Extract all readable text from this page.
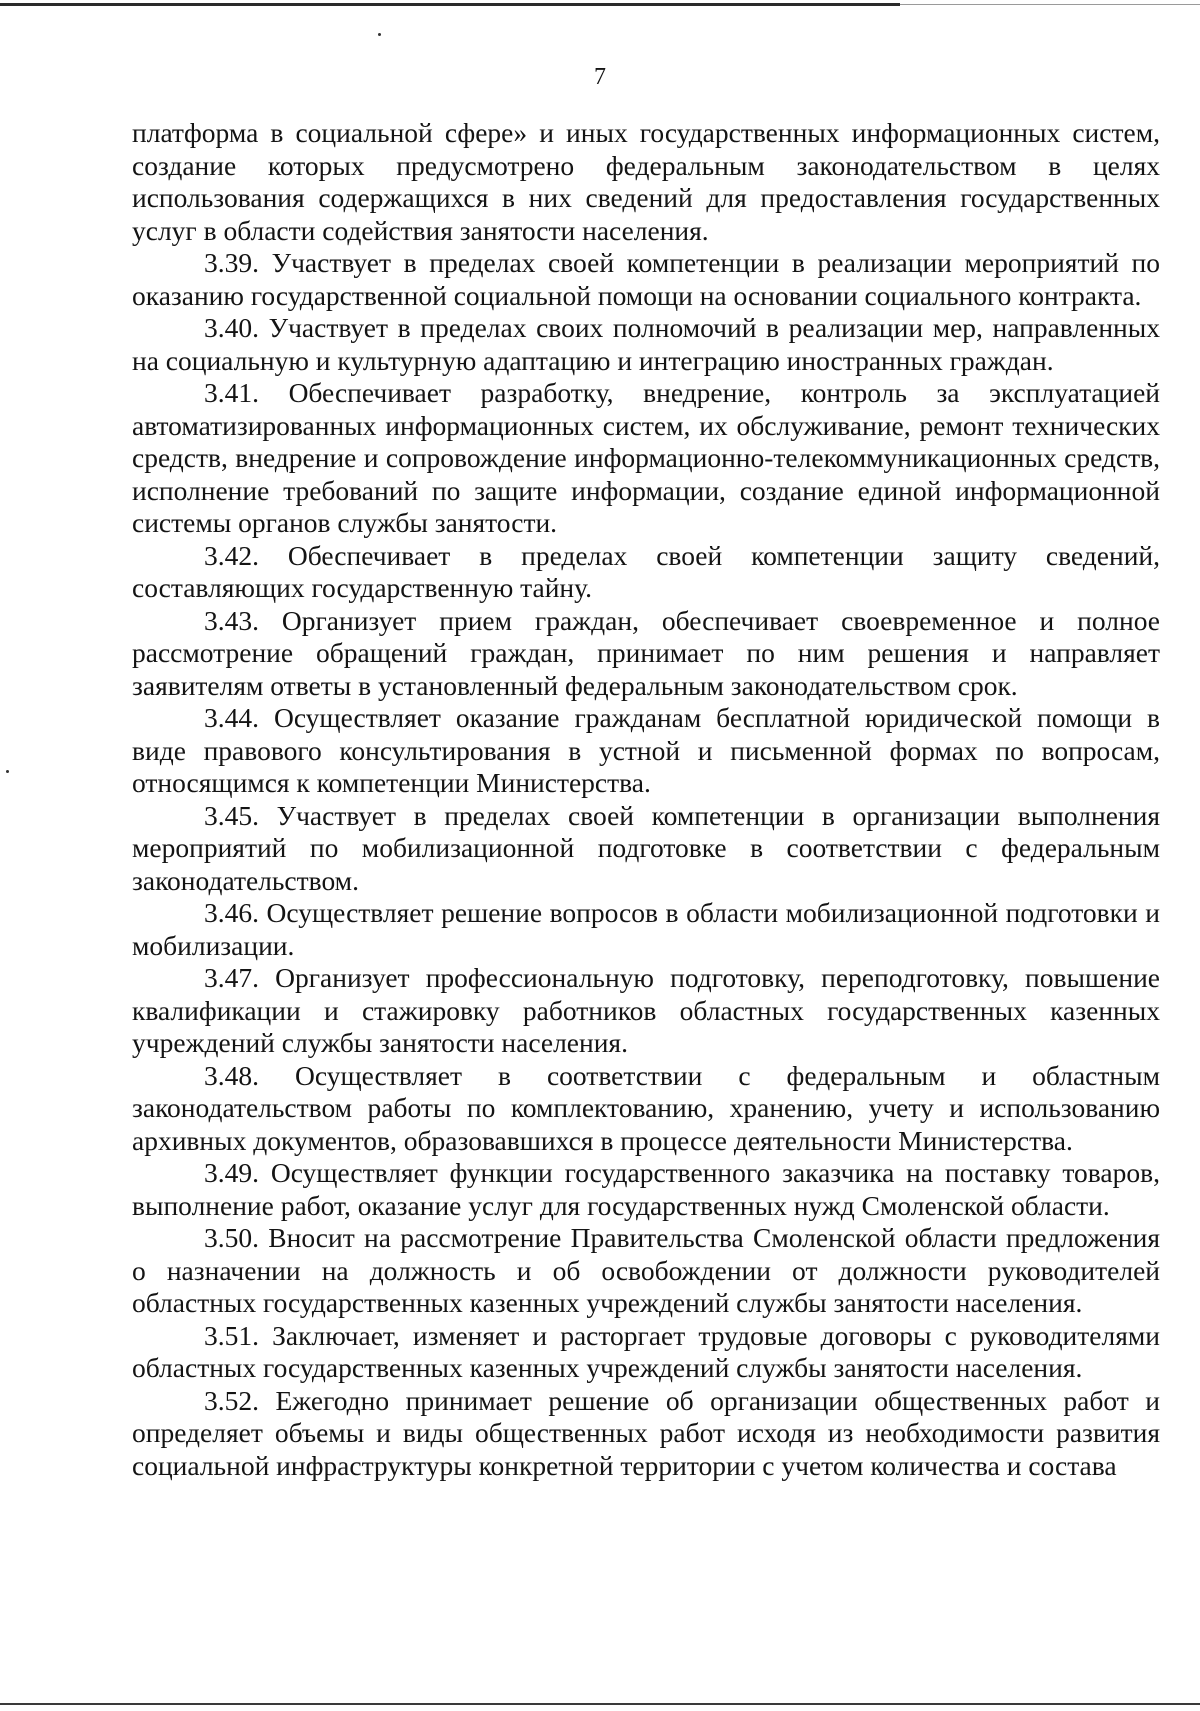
7

платформа в социальной сфере» и иных государственных информационных систем, создание которых предусмотрено федеральным законодательством в целях использования содержащихся в них сведений для предоставления государственных услуг в области содействия занятости населения.

3.39. Участвует в пределах своей компетенции в реализации мероприятий по оказанию государственной социальной помощи на основании социального контракта.

3.40. Участвует в пределах своих полномочий в реализации мер, направленных на социальную и культурную адаптацию и интеграцию иностранных граждан.

3.41. Обеспечивает разработку, внедрение, контроль за эксплуатацией автоматизированных информационных систем, их обслуживание, ремонт технических средств, внедрение и сопровождение информационно-телекоммуникационных средств, исполнение требований по защите информации, создание единой информационной системы органов службы занятости.

3.42. Обеспечивает в пределах своей компетенции защиту сведений, составляющих государственную тайну.

3.43. Организует прием граждан, обеспечивает своевременное и полное рассмотрение обращений граждан, принимает по ним решения и направляет заявителям ответы в установленный федеральным законодательством срок.

3.44. Осуществляет оказание гражданам бесплатной юридической помощи в виде правового консультирования в устной и письменной формах по вопросам, относящимся к компетенции Министерства.

3.45. Участвует в пределах своей компетенции в организации выполнения мероприятий по мобилизационной подготовке в соответствии с федеральным законодательством.

3.46. Осуществляет решение вопросов в области мобилизационной подготовки и мобилизации.

3.47. Организует профессиональную подготовку, переподготовку, повышение квалификации и стажировку работников областных государственных казенных учреждений службы занятости населения.

3.48. Осуществляет в соответствии с федеральным и областным законодательством работы по комплектованию, хранению, учету и использованию архивных документов, образовавшихся в процессе деятельности Министерства.

3.49. Осуществляет функции государственного заказчика на поставку товаров, выполнение работ, оказание услуг для государственных нужд Смоленской области.

3.50. Вносит на рассмотрение Правительства Смоленской области предложения о назначении на должность и об освобождении от должности руководителей областных государственных казенных учреждений службы занятости населения.

3.51. Заключает, изменяет и расторгает трудовые договоры с руководителями областных государственных казенных учреждений службы занятости населения.

3.52. Ежегодно принимает решение об организации общественных работ и определяет объемы и виды общественных работ исходя из необходимости развития социальной инфраструктуры конкретной территории с учетом количества и состава
